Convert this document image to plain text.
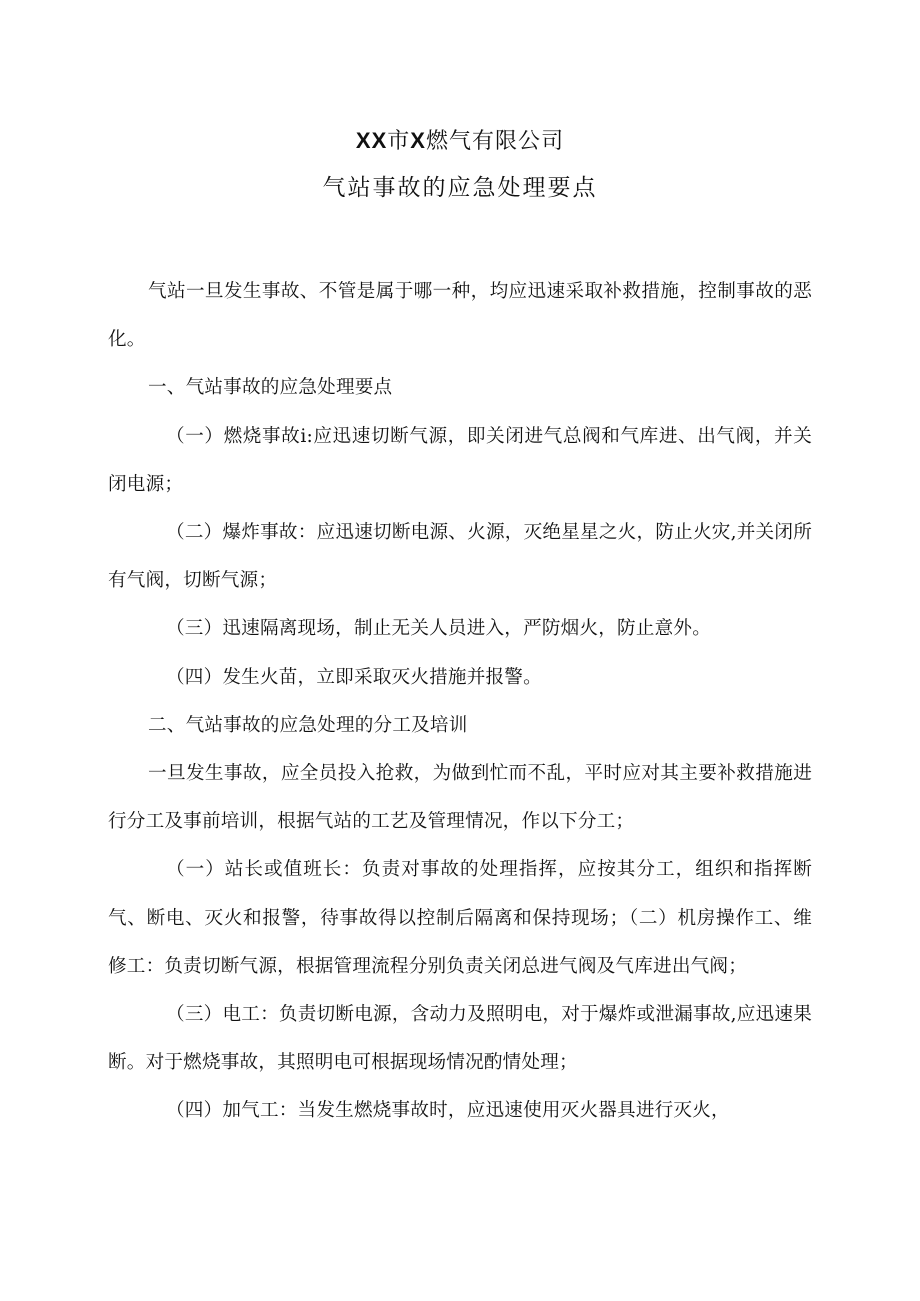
XX市X燃气有限公司
气站事故的应急处理要点

气站一旦发生事故、不管是属于哪一种，均应迅速采取补救措施，控制事故的恶化。

一、气站事故的应急处理要点

（一）燃烧事故i:应迅速切断气源，即关闭进气总阀和气库进、出气阀，并关闭电源；

（二）爆炸事故：应迅速切断电源、火源，灭绝星星之火，防止火灾,并关闭所有气阀，切断气源；

（三）迅速隔离现场，制止无关人员进入，严防烟火，防止意外。

（四）发生火苗，立即采取灭火措施并报警。

二、气站事故的应急处理的分工及培训

一旦发生事故，应全员投入抢救，为做到忙而不乱，平时应对其主要补救措施进行分工及事前培训，根据气站的工艺及管理情况，作以下分工；

（一）站长或值班长：负责对事故的处理指挥，应按其分工，组织和指挥断气、断电、灭火和报警，待事故得以控制后隔离和保持现场；（二）机房操作工、维修工：负责切断气源，根据管理流程分别负责关闭总进气阀及气库进出气阀；

（三）电工：负责切断电源，含动力及照明电，对于爆炸或泄漏事故,应迅速果断。对于燃烧事故，其照明电可根据现场情况酌情处理；

（四）加气工：当发生燃烧事故时，应迅速使用灭火器具进行灭火，
